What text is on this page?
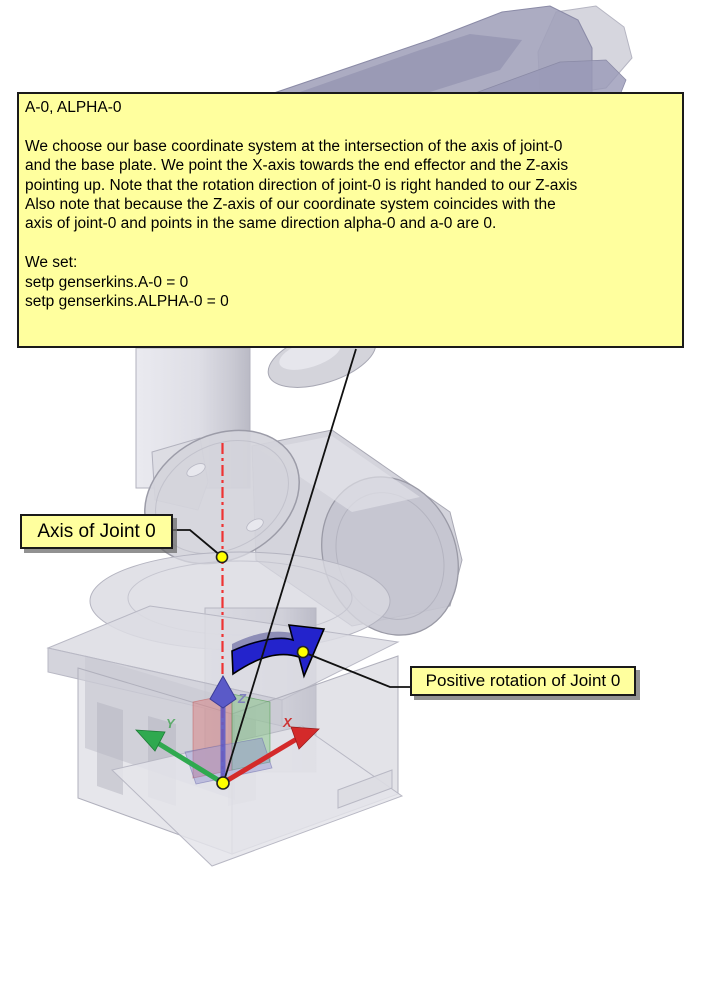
Y	X
Z
A-0, ALPHA-0
We choose our base coordinate system at the intersection of the axis of joint-0
and the base plate. We point the X-axis towards the end effector and the Z-axis
pointing up. Note that the rotation direction of joint-0 is right handed to our Z-axis
Also note that because the Z-axis of our coordinate system coincides with the
axis of joint-0 and points in the same direction alpha-0 and a-0 are 0.
We set:
setp genserkins.A-0 = 0
setp genserkins.ALPHA-0 = 0
Axis of Joint 0
Positive rotation of Joint 0
